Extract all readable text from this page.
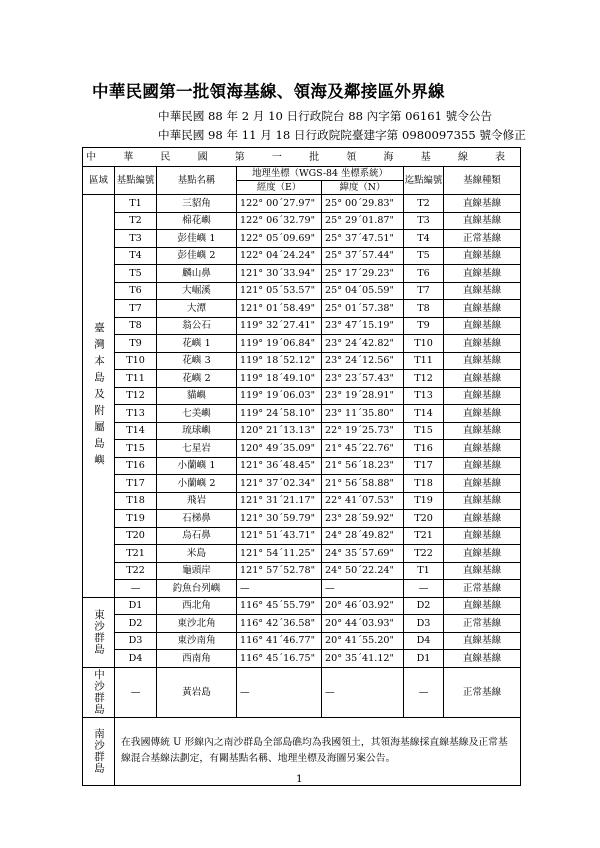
中華民國第一批領海基線、領海及鄰接區外界線
中華民國 88 年 2 月 10 日行政院台 88 內字第 06161 號令公告
中華民國 98 年 11 月 18 日行政院院臺建字第 0980097355 號令修正
中 華 民 國 第 一 批 領 海 基 線 表						
區域	基點編號	基點名稱	地理坐標（WGS-84 坐標系統）		迄點編號	基線種類
			經度（E）	緯度（N）		
臺灣本島及附屬島嶼	T1	三貂角	122° 00ˊ27.97"	25° 00ˊ29.83"	T2	直線基線
	T2	棉花嶼	122° 06ˊ32.79"	25° 29ˊ01.87"	T3	直線基線
	T3	彭佳嶼 1	122° 05ˊ09.69"	25° 37ˊ47.51"	T4	正常基線
	T4	彭佳嶼 2	122° 04ˊ24.24"	25° 37ˊ57.44"	T5	直線基線
	T5	麟山鼻	121° 30ˊ33.94"	25° 17ˊ29.23"	T6	直線基線
	T6	大崛溪	121° 05ˊ53.57"	25° 04ˊ05.59"	T7	直線基線
	T7	大潭	121° 01ˊ58.49"	25° 01ˊ57.38"	T8	直線基線
	T8	翁公石	119° 32ˊ27.41"	23° 47ˊ15.19"	T9	直線基線
	T9	花嶼 1	119° 19ˊ06.84"	23° 24ˊ42.82"	T10	直線基線
	T10	花嶼 3	119° 18ˊ52.12"	23° 24ˊ12.56"	T11	直線基線
	T11	花嶼 2	119° 18ˊ49.10"	23° 23ˊ57.43"	T12	直線基線
	T12	貓嶼	119° 19ˊ06.03"	23° 19ˊ28.91"	T13	直線基線
	T13	七美嶼	119° 24ˊ58.10"	23° 11ˊ35.80"	T14	直線基線
	T14	琉球嶼	120° 21ˊ13.13"	22° 19ˊ25.73"	T15	直線基線
	T15	七星岩	120° 49ˊ35.09"	21° 45ˊ22.76"	T16	直線基線
	T16	小蘭嶼 1	121° 36ˊ48.45"	21° 56ˊ18.23"	T17	直線基線
	T17	小蘭嶼 2	121° 37ˊ02.34"	21° 56ˊ58.88"	T18	直線基線
	T18	飛岩	121° 31ˊ21.17"	22° 41ˊ07.53"	T19	直線基線
	T19	石梯鼻	121° 30ˊ59.79"	23° 28ˊ59.92"	T20	直線基線
	T20	烏石鼻	121° 51ˊ43.71"	24° 28ˊ49.82"	T21	直線基線
	T21	米島	121° 54ˊ11.25"	24° 35ˊ57.69"	T22	直線基線
	T22	龜頭岸	121° 57ˊ52.78"	24° 50ˊ22.24"	T1	直線基線
	—	釣魚台列嶼	—	—	—	正常基線
東沙群島	D1	西北角	116° 45ˊ55.79"	20° 46ˊ03.92"	D2	直線基線
	D2	東沙北角	116° 42ˊ36.58"	20° 44ˊ03.93"	D3	正常基線
	D3	東沙南角	116° 41ˊ46.77"	20° 41ˊ55.20"	D4	直線基線
	D4	西南角	116° 45ˊ16.75"	20° 35ˊ41.12"	D1	直線基線
中沙群島	—	黃岩島	—	—	—	正常基線
南沙群島	在我國傳統 U 形線內之南沙群島全部島礁均為我國領土，其領海基線採直線基線及正常基線混合基線法劃定，有關基點名稱、地理坐標及海圖另案公告。					
1
